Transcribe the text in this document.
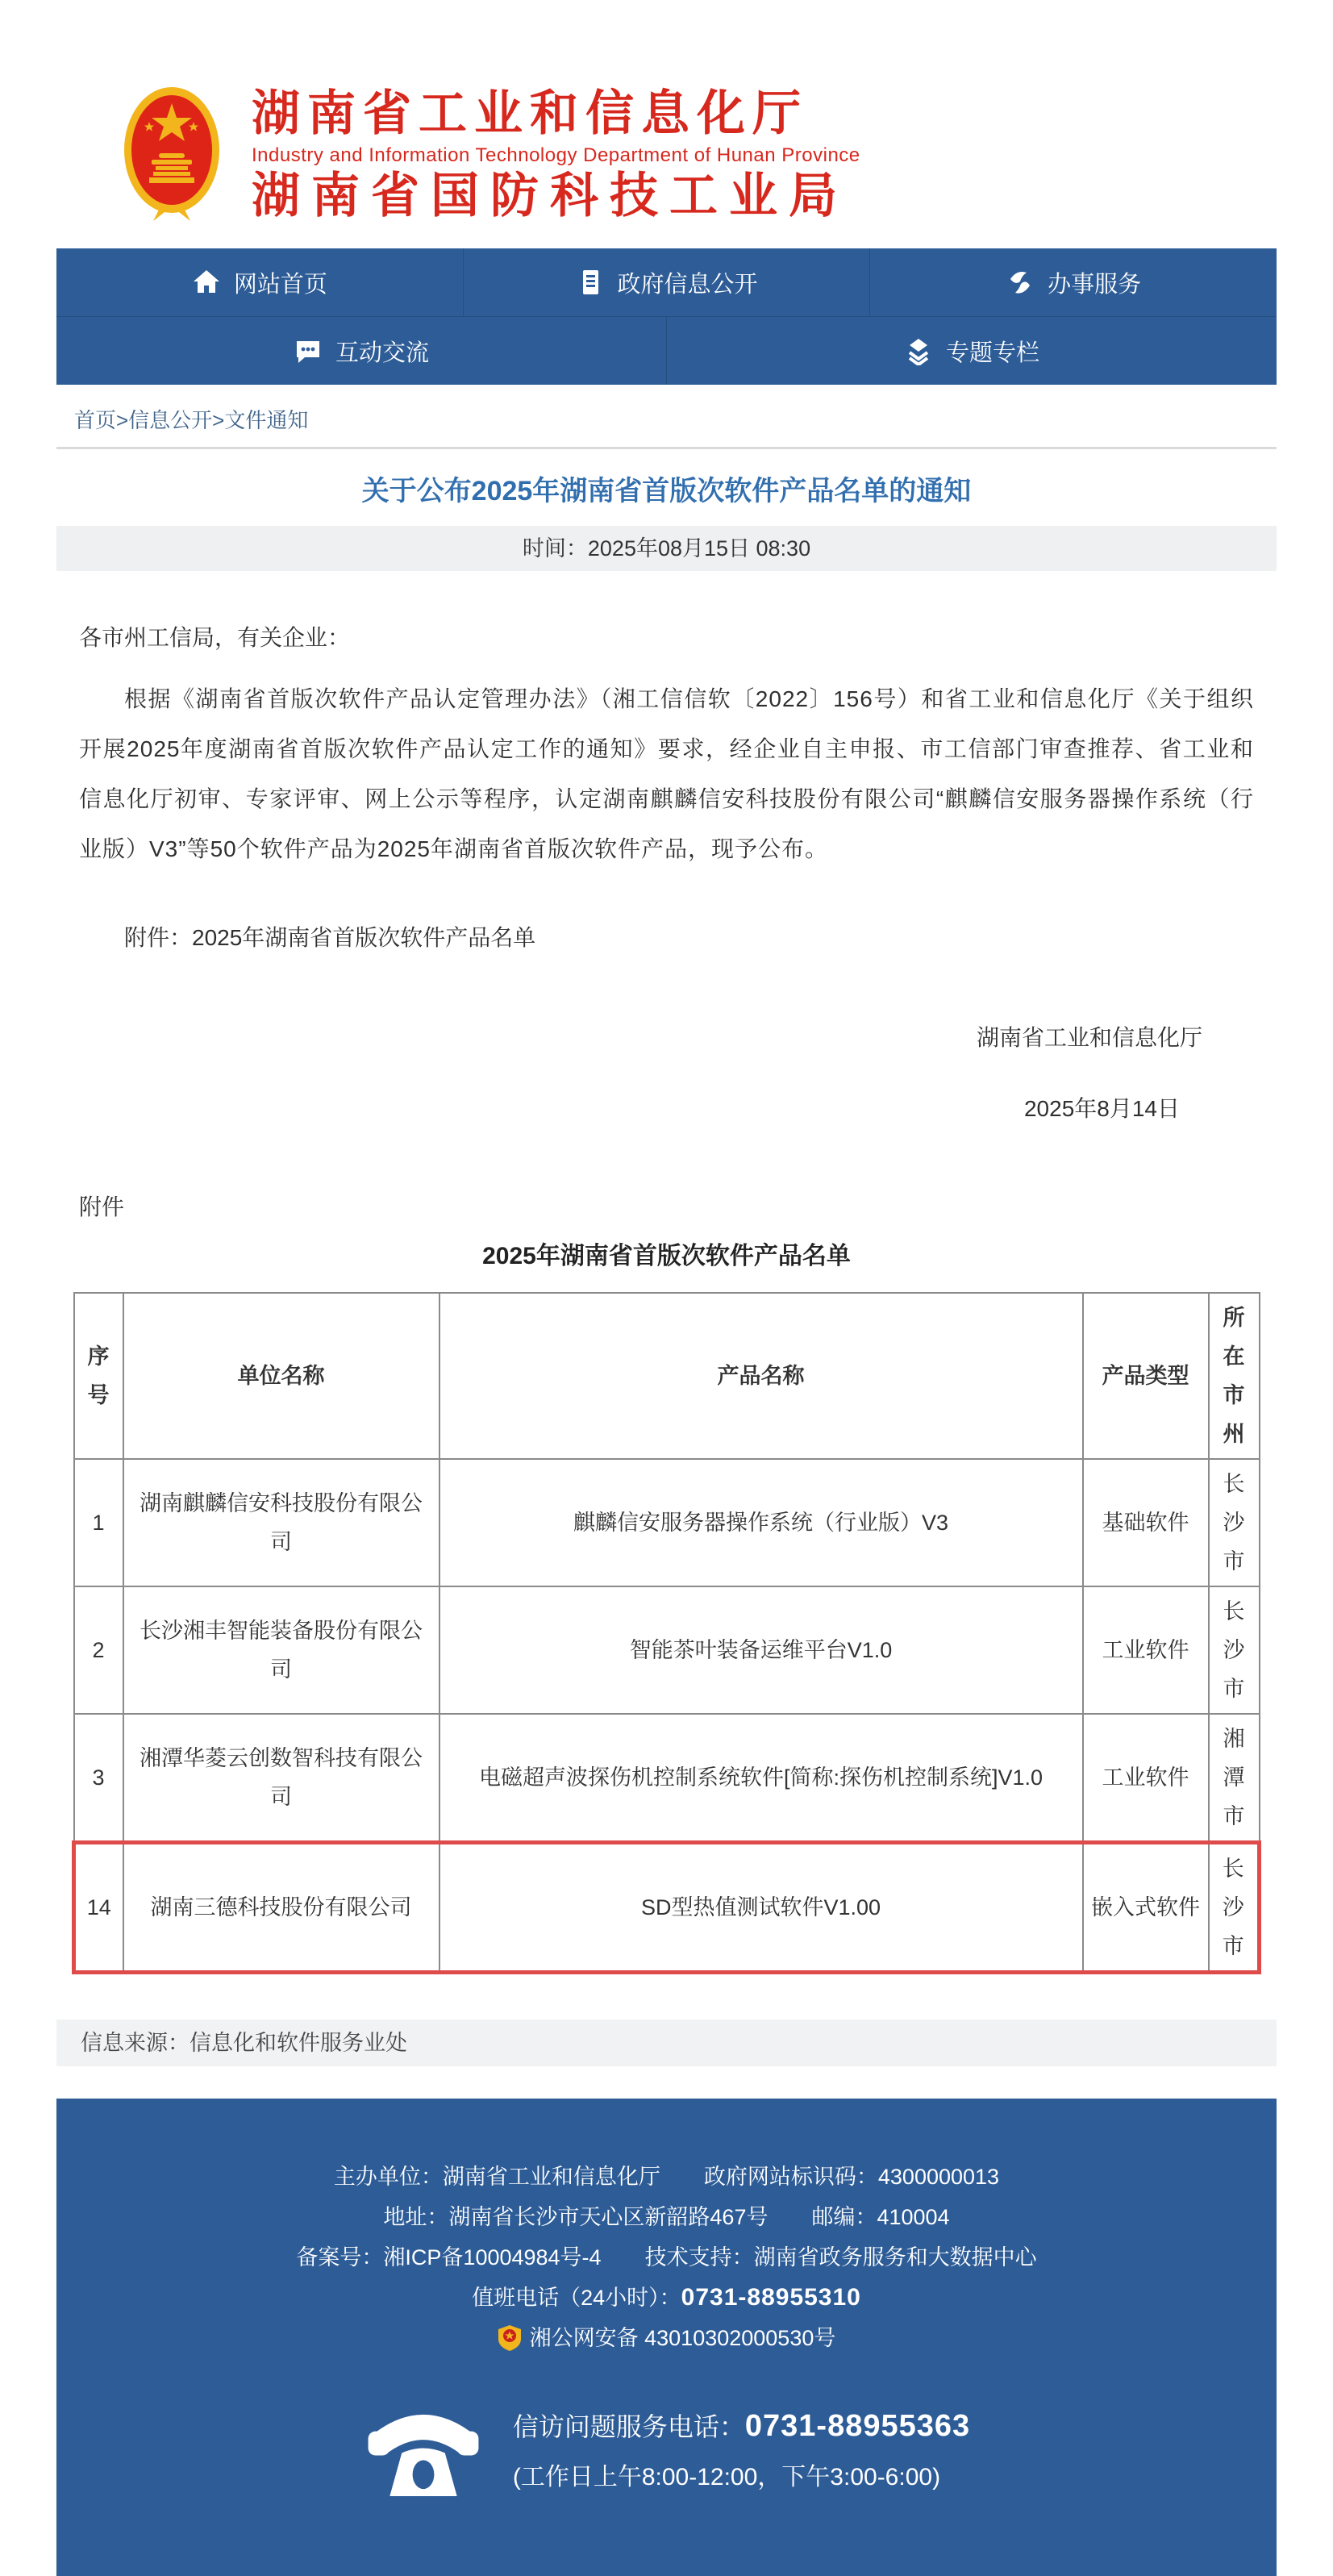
湖南省工业和信息化厅
Industry and Information Technology Department of Hunan Province
湖南省国防科技工业局
网站首页	政府信息公开	办事服务
互动交流	专题专栏
首页>信息公开>文件通知
关于公布2025年湖南省首版次软件产品名单的通知
时间：2025年08月15日 08:30
各市州工信局，有关企业：
根据《湖南省首版次软件产品认定管理办法》（湘工信信软〔2022〕156号）和省工业和信息化厅《关于组织开展2025年度湖南省首版次软件产品认定工作的通知》要求，经企业自主申报、市工信部门审查推荐、省工业和信息化厅初审、专家评审、网上公示等程序，认定湖南麒麟信安科技股份有限公司“麒麟信安服务器操作系统（行业版）V3”等50个软件产品为2025年湖南省首版次软件产品，现予公布。
附件：2025年湖南省首版次软件产品名单
湖南省工业和信息化厅
2025年8月14日
附件
2025年湖南省首版次软件产品名单
序号	单位名称	产品名称	产品类型	所在市州
1	湖南麒麟信安科技股份有限公司	麒麟信安服务器操作系统（行业版）V3	基础软件	长沙市
2	长沙湘丰智能装备股份有限公司	智能茶叶装备运维平台V1.0	工业软件	长沙市
3	湘潭华菱云创数智科技有限公司	电磁超声波探伤机控制系统软件[简称:探伤机控制系统]V1.0	工业软件	湘潭市
14	湖南三德科技股份有限公司	SD型热值测试软件V1.00	嵌入式软件	长沙市
信息来源：信息化和软件服务业处
主办单位：湖南省工业和信息化厅　　政府网站标识码：4300000013
地址：湖南省长沙市天心区新韶路467号　　邮编：410004
备案号：湘ICP备10004984号-4　　技术支持：湖南省政务服务和大数据中心
值班电话（24小时）：0731-88955310
湘公网安备 43010302000530号
信访问题服务电话：0731-88955363
(工作日上午8:00-12:00，下午3:00-6:00)
